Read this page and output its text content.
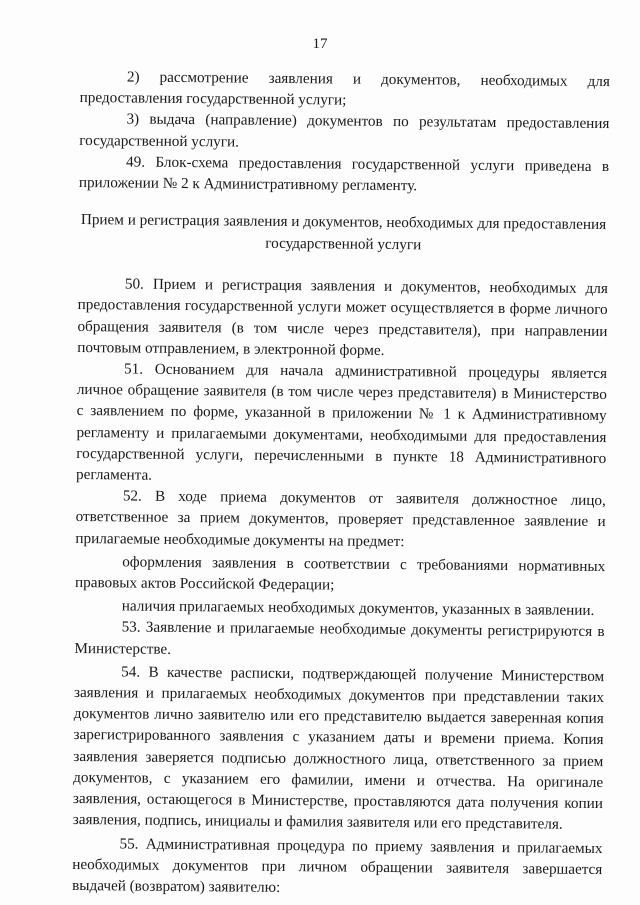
17

2) рассмотрение заявления и документов, необходимых для предоставления государственной услуги;

3) выдача (направление) документов по результатам предоставления государственной услуги.

49. Блок-схема предоставления государственной услуги приведена в приложении № 2 к Административному регламенту.

Прием и регистрация заявления и документов, необходимых для предоставления государственной услуги

50. Прием и регистрация заявления и документов, необходимых для предоставления государственной услуги может осуществляется в форме личного обращения заявителя (в том числе через представителя), при направлении почтовым отправлением, в электронной форме.

51. Основанием для начала административной процедуры является личное обращение заявителя (в том числе через представителя) в Министерство с заявлением по форме, указанной в приложении № 1 к Административному регламенту и прилагаемыми документами, необходимыми для предоставления государственной услуги, перечисленными в пункте 18 Административного регламента.

52. В ходе приема документов от заявителя должностное лицо, ответственное за прием документов, проверяет представленное заявление и прилагаемые необходимые документы на предмет:

оформления заявления в соответствии с требованиями нормативных правовых актов Российской Федерации;

наличия прилагаемых необходимых документов, указанных в заявлении.

53. Заявление и прилагаемые необходимые документы регистрируются в Министерстве.

54. В качестве расписки, подтверждающей получение Министерством заявления и прилагаемых необходимых документов при представлении таких документов лично заявителю или его представителю выдается заверенная копия зарегистрированного заявления с указанием даты и времени приема. Копия заявления заверяется подписью должностного лица, ответственного за прием документов, с указанием его фамилии, имени и отчества. На оригинале заявления, остающегося в Министерстве, проставляются дата получения копии заявления, подпись, инициалы и фамилия заявителя или его представителя.

55. Административная процедура по приему заявления и прилагаемых необходимых документов при личном обращении заявителя завершается выдачей (возвратом) заявителю:
